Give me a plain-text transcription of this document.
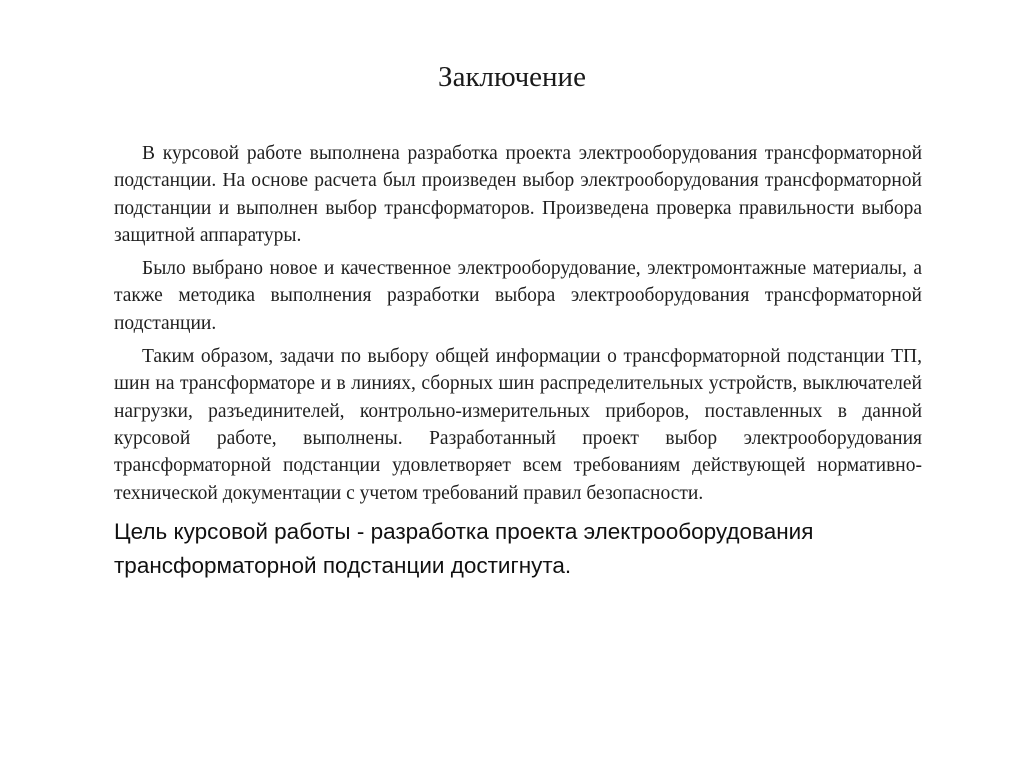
Заключение

В курсовой работе выполнена разработка проекта электрооборудования трансформаторной подстанции. На основе расчета был произведен выбор электрооборудования трансформаторной подстанции и выполнен выбор трансформаторов. Произведена проверка правильности выбора защитной аппаратуры.

Было выбрано новое и качественное электрооборудование, электромонтажные материалы, а также методика выполнения разработки выбора электрооборудования трансформаторной подстанции.

Таким образом, задачи по выбору общей информации о трансформаторной подстанции ТП, шин на трансформаторе и в линиях, сборных шин распределительных устройств, выключателей нагрузки, разъединителей, контрольно-измерительных приборов, поставленных в данной курсовой работе, выполнены. Разработанный проект выбор электрооборудования трансформаторной подстанции удовлетворяет всем требованиям действующей нормативно-технической документации с учетом требований правил безопасности.

Цель курсовой работы - разработка проекта электрооборудования трансформаторной подстанции достигнута.
